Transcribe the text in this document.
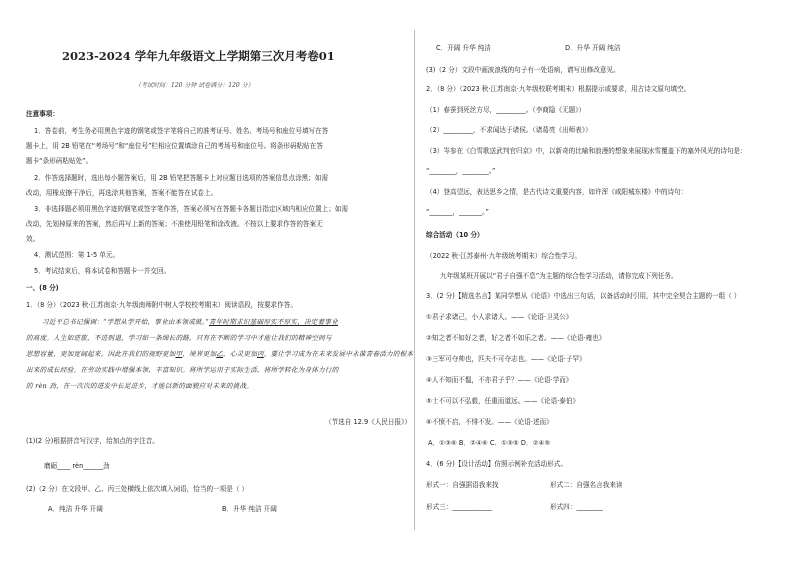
2023-2024 学年九年级语文上学期第三次月考卷01
（考试时间：120 分钟 试卷满分：120 分）
注意事项：
1．答卷前，考生务必用黑色字迹的钢笔或签字笔将自己的准考证号、姓名、考场号和座位号填写在答
题卡上，用 2B 铅笔在“考场号”和“座位号”栏相应位置填涂自己的考场号和座位号。将条形码粘贴在答
题卡“条形码粘贴处”。
2．作答选择题时，选出每小题答案后，用 2B 铅笔把答题卡上对应题目选项的答案信息点涂黑；如需
改动，用橡皮擦干净后，再选涂其他答案，答案不能答在试卷上。
3．非选择题必须用黑色字迹的钢笔或签字笔作答，答案必须写在答题卡各题目指定区域内相应位置上；如需
改动，先划掉原来的答案，然后再写上新的答案；不准使用铅笔和涂改液。不按以上要求作答的答案无
效。
4．测试范围：第 1-5 单元。
5．考试结束后，将本试卷和答题卡一并交回。
一、(8 分)
1．（8 分）（2023 秋·江苏南京·九年级南师附中树人学校校考期末）阅读语段，按要求作答。
习近平总书记强调：“学想从学开始，事业由本领成就。”青年时期求识基础厚实不厚实，决定着事业
的高度。人生如逆旅，不进则退，学习如一条绵长的路，只有在不断的学习中才能让我们的精神空间与
思想容量，更加宽阔起来。因此在我们的视野更加甲，境界更加乙，心灵更加丙。要让学习成为在未来发展中永葆青春活力的根本
出来的成长经验。在劳动实践中增强本领、丰富知识。将所学运用于实际生活，将所学转化为身体力行的
的 rèn 劲，在一次次的迸发中长足进步，才能以新的面貌应对未来的挑战。
（节选自 12.9《人民日报》）
(1)(2 分)根据拼音写汉字，给加点的字注音。
磨砺____ rèn______劲
(2)（2 分）在文段甲、乙、丙三处横线上依次填入词语，恰当的一项是（ ）
A．纯洁 升华 开阔	B．升华 纯洁 开阔
C．开阔 升华 纯洁	D．升华 开阔 纯洁
(3)（2 分）文段中画波浪线的句子有一处语病，请写出修改意见。
2．（8 分）（2023 秋·江苏南京·九年级校联考期末）根据提示或要求，用古诗文原句填空。
（1）春蚕到死丝方尽，_________。（李商隐《无题》）
（2）_________，不求闻达于诸侯。（诸葛亮《出师表》）
（3）岑参在《白雪歌送武判官归京》中，以新奇的比喻和浪漫的想象来展现冰雪覆盖下的塞外风光的诗句是：
“________，________。”
（4）登高望远，表达思乡之情，是古代诗文重要内容，如许浑《咸阳城东楼》中的诗句：
“_______，_______。”
综合活动（10 分）
（2022 秋·江苏泰州·九年级统考期末）综合性学习。
九年级某班开展以“君子自强不息”为主题的综合性学习活动，请你完成下列任务。
3．(2 分)【精选名言】某同学想从《论语》中选出三句话，以备活动时引用，其中完全契合主题的一组（ ）
①君子求诸己，小人求诸人。——《论语·卫灵公》
②知之者不如好之者，好之者不如乐之者。——《论语·雍也》
③三军可夺帅也，匹夫不可夺志也。——《论语·子罕》
④人不知而不愠，不亦君子乎？——《论语·学而》
⑤士不可以不弘毅，任重而道远。——《论语·泰伯》
⑥不愤不启，不悱不发。——《论语·述而》
A．①③⑥ B．②④⑥ C．①③⑤ D．②④⑤
4．(6 分)【设计活动】仿照示例补充活动形式。
形式一：自强据语我来找	形式二：自强名言我来读
形式三：____________	形式四：________
